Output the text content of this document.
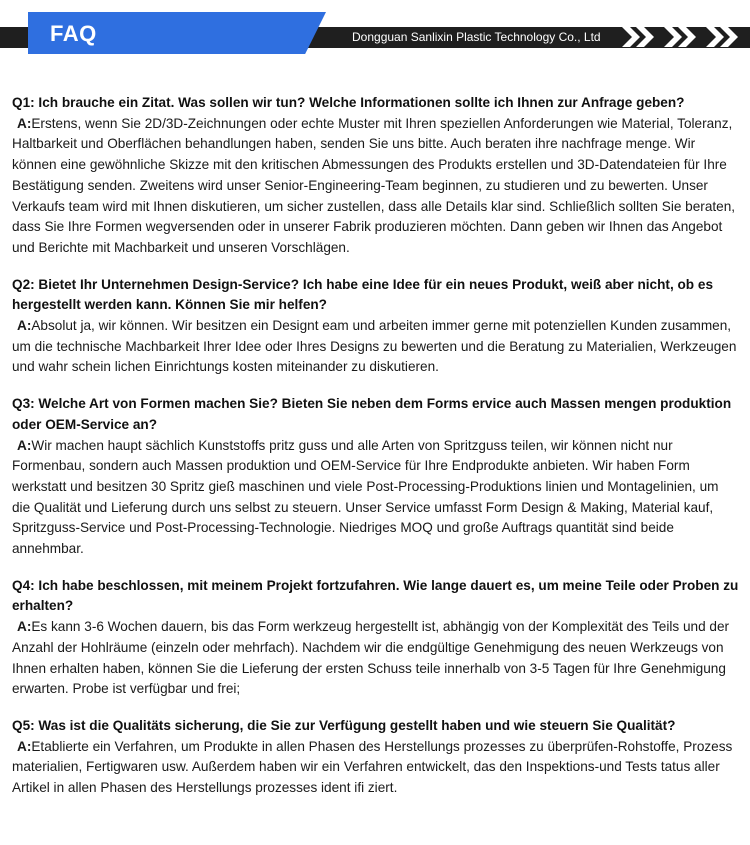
FAQ	Dongguan Sanlixin Plastic Technology Co., Ltd
Q1: Ich brauche ein Zitat. Was sollen wir tun? Welche Informationen sollte ich Ihnen zur Anfrage geben?
A:Erstens, wenn Sie 2D/3D-Zeichnungen oder echte Muster mit Ihren speziellen Anforderungen wie Material, Toleranz, Haltbarkeit und Oberflächen behandlungen haben, senden Sie uns bitte. Auch beraten ihre nachfrage menge. Wir können eine gewöhnliche Skizze mit den kritischen Abmessungen des Produkts erstellen und 3D-Datendateien für Ihre Bestätigung senden. Zweitens wird unser Senior-Engineering-Team beginnen, zu studieren und zu bewerten. Unser Verkaufs team wird mit Ihnen diskutieren, um sicher zustellen, dass alle Details klar sind. Schließlich sollten Sie beraten, dass Sie Ihre Formen wegversenden oder in unserer Fabrik produzieren möchten. Dann geben wir Ihnen das Angebot und Berichte mit Machbarkeit und unseren Vorschlägen.
Q2: Bietet Ihr Unternehmen Design-Service? Ich habe eine Idee für ein neues Produkt, weiß aber nicht, ob es hergestellt werden kann. Können Sie mir helfen?
A:Absolut ja, wir können. Wir besitzen ein Designt eam und arbeiten immer gerne mit potenziellen Kunden zusammen, um die technische Machbarkeit Ihrer Idee oder Ihres Designs zu bewerten und die Beratung zu Materialien, Werkzeugen und wahr schein lichen Einrichtungs kosten miteinander zu diskutieren.
Q3: Welche Art von Formen machen Sie? Bieten Sie neben dem Forms ervice auch Massen mengen produktion oder OEM-Service an?
A:Wir machen haupt sächlich Kunststoffs pritz guss und alle Arten von Spritzguss teilen, wir können nicht nur Formenbau, sondern auch Massen produktion und OEM-Service für Ihre Endprodukte anbieten. Wir haben Form werkstatt und besitzen 30 Spritz gieß maschinen und viele Post-Processing-Produktions linien und Montagelinien, um die Qualität und Lieferung durch uns selbst zu steuern. Unser Service umfasst Form Design & Making, Material kauf, Spritzguss-Service und Post-Processing-Technologie. Niedriges MOQ und große Auftrags quantität sind beide annehmbar.
Q4: Ich habe beschlossen, mit meinem Projekt fortzufahren. Wie lange dauert es, um meine Teile oder Proben zu erhalten?
A:Es kann 3-6 Wochen dauern, bis das Form werkzeug hergestellt ist, abhängig von der Komplexität des Teils und der Anzahl der Hohlräume (einzeln oder mehrfach). Nachdem wir die endgültige Genehmigung des neuen Werkzeugs von Ihnen erhalten haben, können Sie die Lieferung der ersten Schuss teile innerhalb von 3-5 Tagen für Ihre Genehmigung erwarten. Probe ist verfügbar und frei;
Q5: Was ist die Qualitäts sicherung, die Sie zur Verfügung gestellt haben und wie steuern Sie Qualität?
A:Etablierte ein Verfahren, um Produkte in allen Phasen des Herstellungs prozesses zu überprüfen-Rohstoffe, Prozess materialien, Fertigwaren usw. Außerdem haben wir ein Verfahren entwickelt, das den Inspektions-und Tests tatus aller Artikel in allen Phasen des Herstellungs prozesses ident ifi ziert.
